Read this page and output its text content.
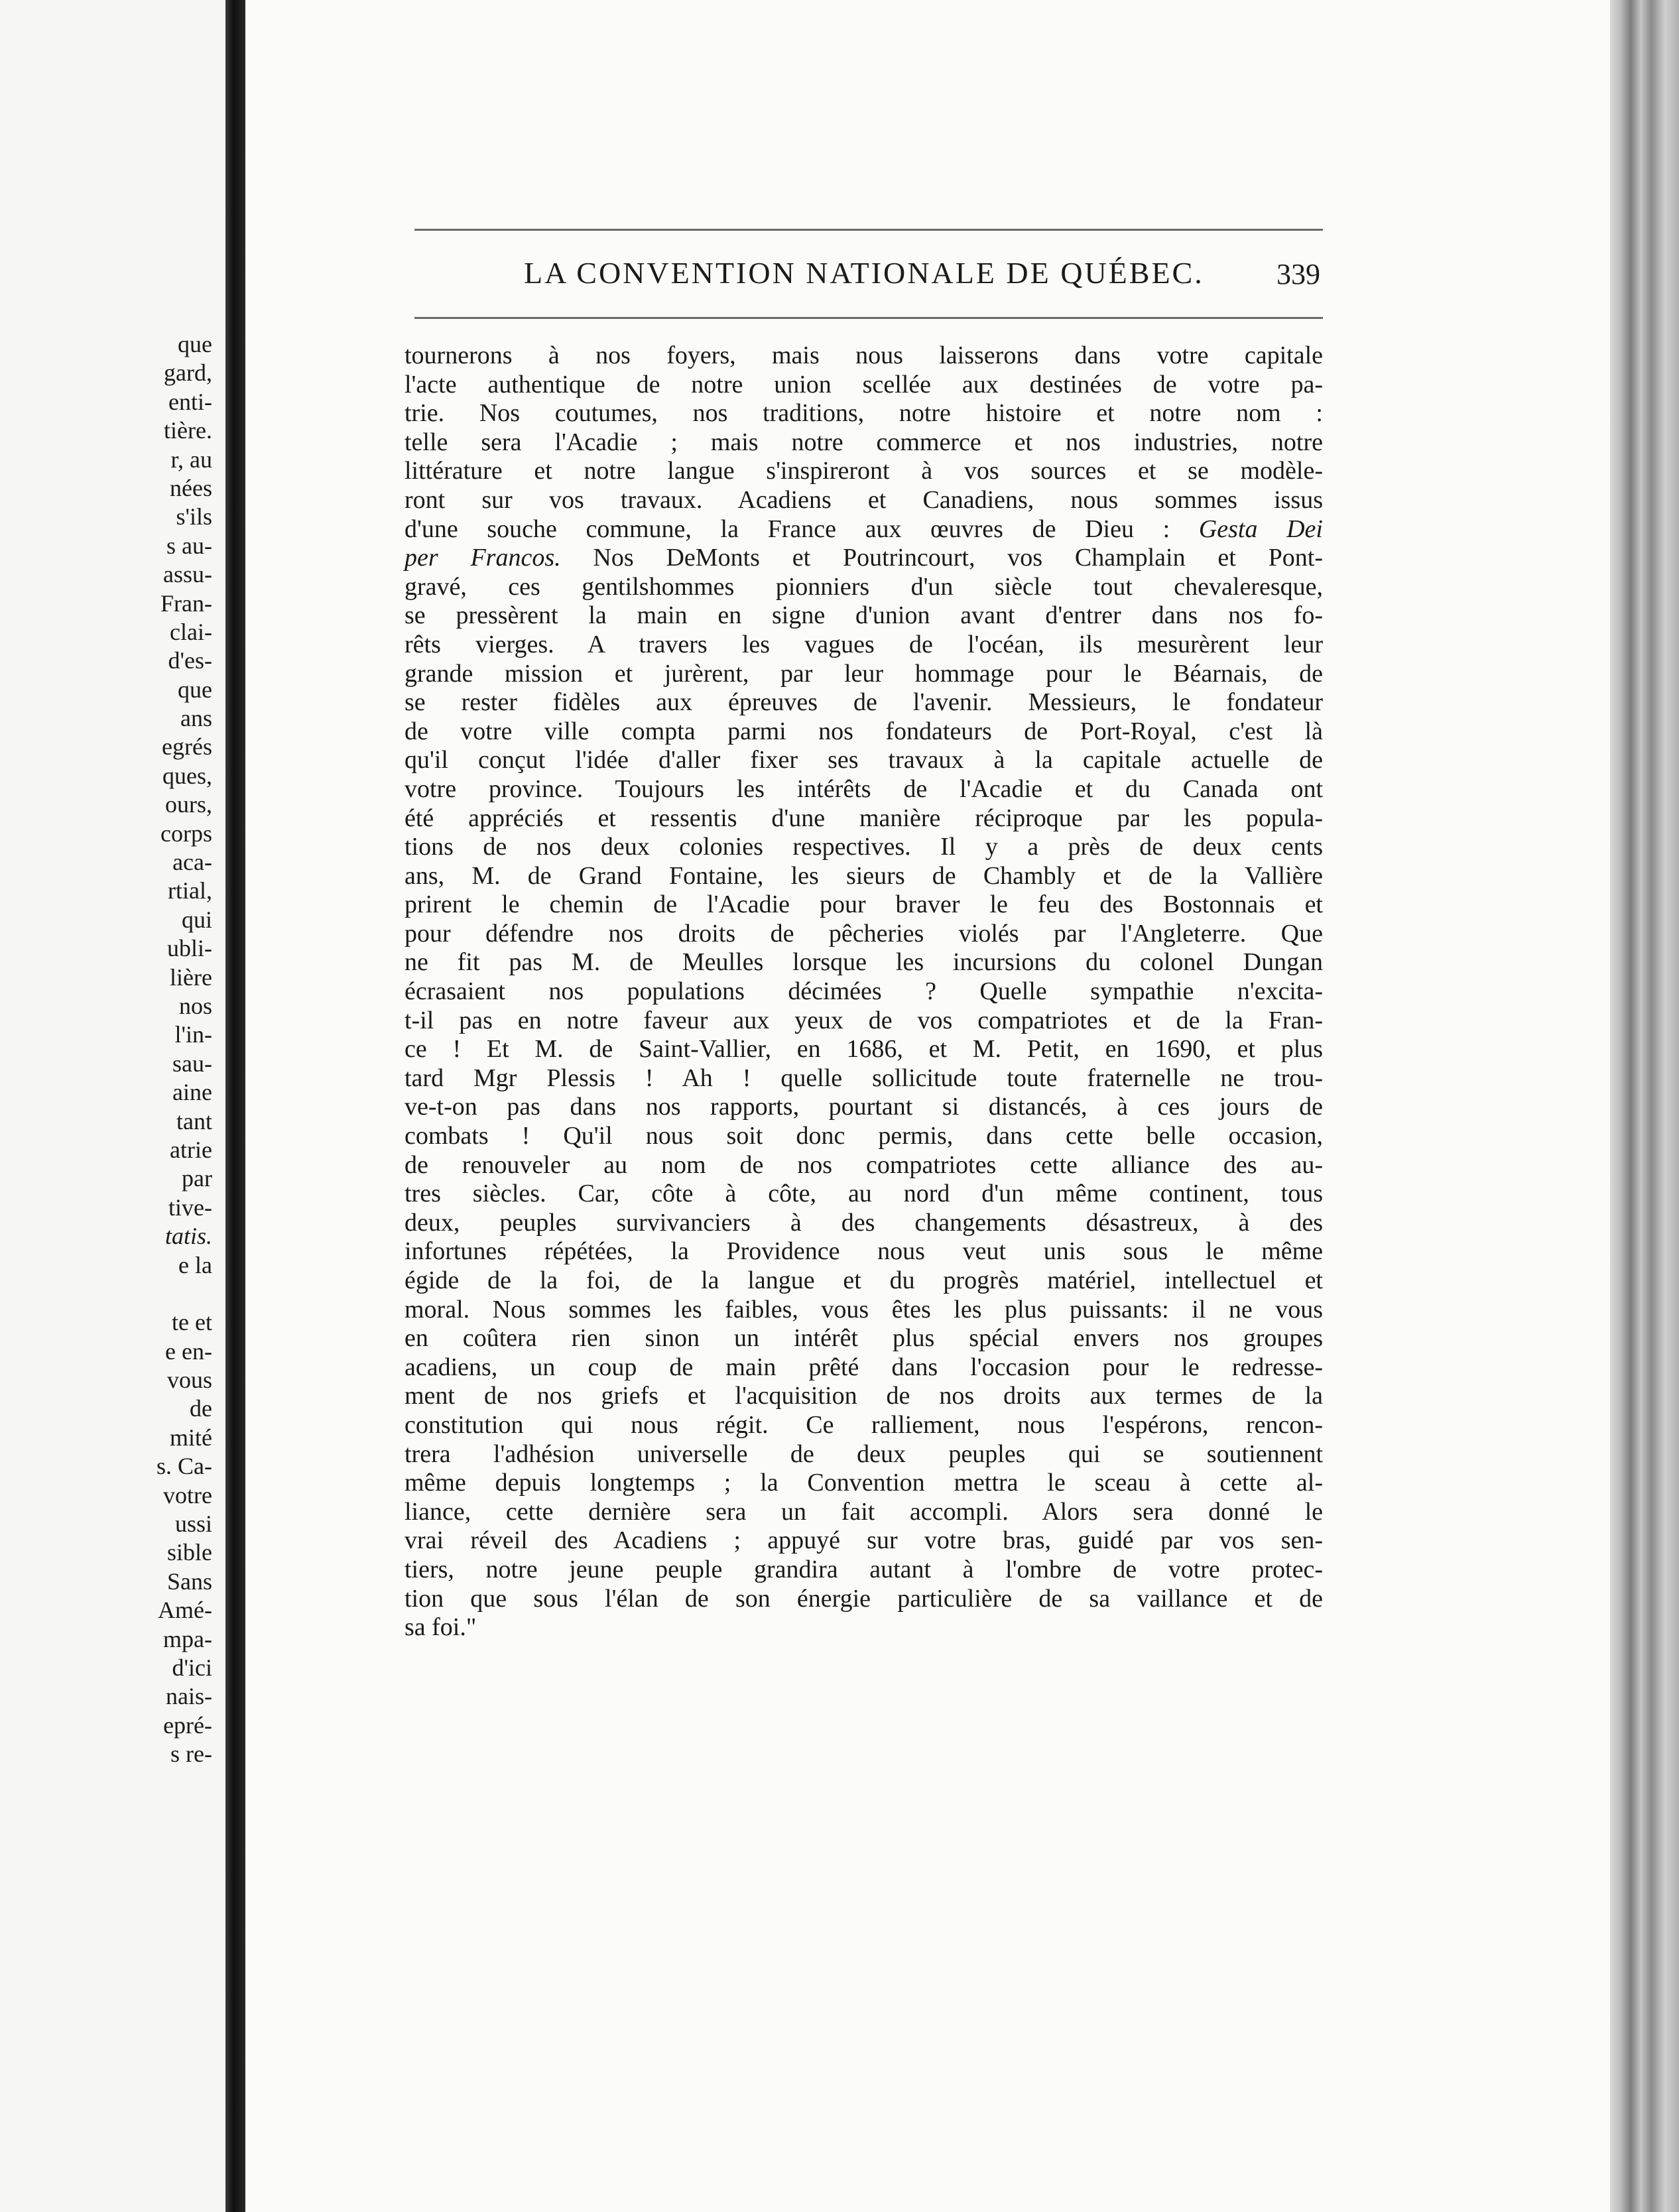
que
gard,
enti-
tière.
r, au
nées
s'ils
s au-
assu-
Fran-
clai-
d'es-
que
ans
egrés
ques,
ours,
corps
aca-
rtial,
qui
ubli-
lière
nos
l'in-
sau-
aine
tant
atrie
par
tive-
tatis.
e la
te et
e en-
vous
de
mité
s. Ca-
votre
ussi
sible
Sans
Amé-
mpa-
d'ici
nais-
epré-
s re-
LA CONVENTION NATIONALE DE QUÉBEC. 339
tournerons à nos foyers, mais nous laisserons dans votre capitale
l'acte authentique de notre union scellée aux destinées de votre pa-
trie. Nos coutumes, nos traditions, notre histoire et notre nom :
telle sera l'Acadie ; mais notre commerce et nos industries, notre
littérature et notre langue s'inspireront à vos sources et se modèle-
ront sur vos travaux. Acadiens et Canadiens, nous sommes issus
d'une souche commune, la France aux œuvres de Dieu : Gesta Dei
per Francos. Nos DeMonts et Poutrincourt, vos Champlain et Pont-
gravé, ces gentilshommes pionniers d'un siècle tout chevaleresque,
se pressèrent la main en signe d'union avant d'entrer dans nos fo-
rêts vierges. A travers les vagues de l'océan, ils mesurèrent leur
grande mission et jurèrent, par leur hommage pour le Béarnais, de
se rester fidèles aux épreuves de l'avenir. Messieurs, le fondateur
de votre ville compta parmi nos fondateurs de Port-Royal, c'est là
qu'il conçut l'idée d'aller fixer ses travaux à la capitale actuelle de
votre province. Toujours les intérêts de l'Acadie et du Canada ont
été appréciés et ressentis d'une manière réciproque par les popula-
tions de nos deux colonies respectives. Il y a près de deux cents
ans, M. de Grand Fontaine, les sieurs de Chambly et de la Vallière
prirent le chemin de l'Acadie pour braver le feu des Bostonnais et
pour défendre nos droits de pêcheries violés par l'Angleterre. Que
ne fit pas M. de Meulles lorsque les incursions du colonel Dungan
écrasaient nos populations décimées ? Quelle sympathie n'excita-
t-il pas en notre faveur aux yeux de vos compatriotes et de la Fran-
ce ! Et M. de Saint-Vallier, en 1686, et M. Petit, en 1690, et plus
tard Mgr Plessis ! Ah ! quelle sollicitude toute fraternelle ne trou-
ve-t-on pas dans nos rapports, pourtant si distancés, à ces jours de
combats ! Qu'il nous soit donc permis, dans cette belle occasion,
de renouveler au nom de nos compatriotes cette alliance des au-
tres siècles. Car, côte à côte, au nord d'un même continent, tous
deux, peuples survivanciers à des changements désastreux, à des
infortunes répétées, la Providence nous veut unis sous le même
égide de la foi, de la langue et du progrès matériel, intellectuel et
moral. Nous sommes les faibles, vous êtes les plus puissants: il ne vous
en coûtera rien sinon un intérêt plus spécial envers nos groupes
acadiens, un coup de main prêté dans l'occasion pour le redresse-
ment de nos griefs et l'acquisition de nos droits aux termes de la
constitution qui nous régit. Ce ralliement, nous l'espérons, rencon-
trera l'adhésion universelle de deux peuples qui se soutiennent
même depuis longtemps ; la Convention mettra le sceau à cette al-
liance, cette dernière sera un fait accompli. Alors sera donné le
vrai réveil des Acadiens ; appuyé sur votre bras, guidé par vos sen-
tiers, notre jeune peuple grandira autant à l'ombre de votre protec-
tion que sous l'élan de son énergie particulière de sa vaillance et de
sa foi."
